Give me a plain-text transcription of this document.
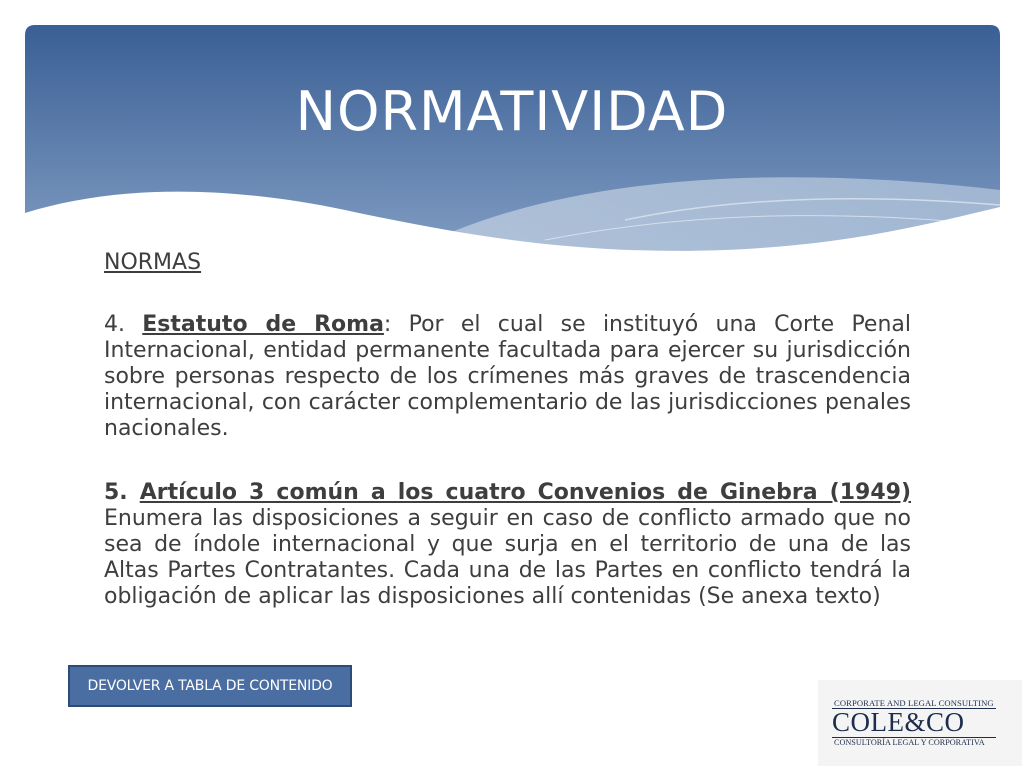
NORMATIVIDAD

NORMAS

4. Estatuto de Roma: Por el cual se instituyó una Corte Penal Internacional, entidad permanente facultada para ejercer su jurisdicción sobre personas respecto de los crímenes más graves de trascendencia internacional, con carácter complementario de las jurisdicciones penales nacionales.

5. Artículo 3 común a los cuatro Convenios de Ginebra (1949) Enumera las disposiciones a seguir en caso de conflicto armado que no sea de índole internacional y que surja en el territorio de una de las Altas Partes Contratantes. Cada una de las Partes en conflicto tendrá la obligación de aplicar las disposiciones allí contenidas (Se anexa texto)

DEVOLVER A TABLA DE CONTENIDO
CORPORATE AND LEGAL CONSULTING
COLE&CO
CONSULTORÍA LEGAL Y CORPORATIVA
